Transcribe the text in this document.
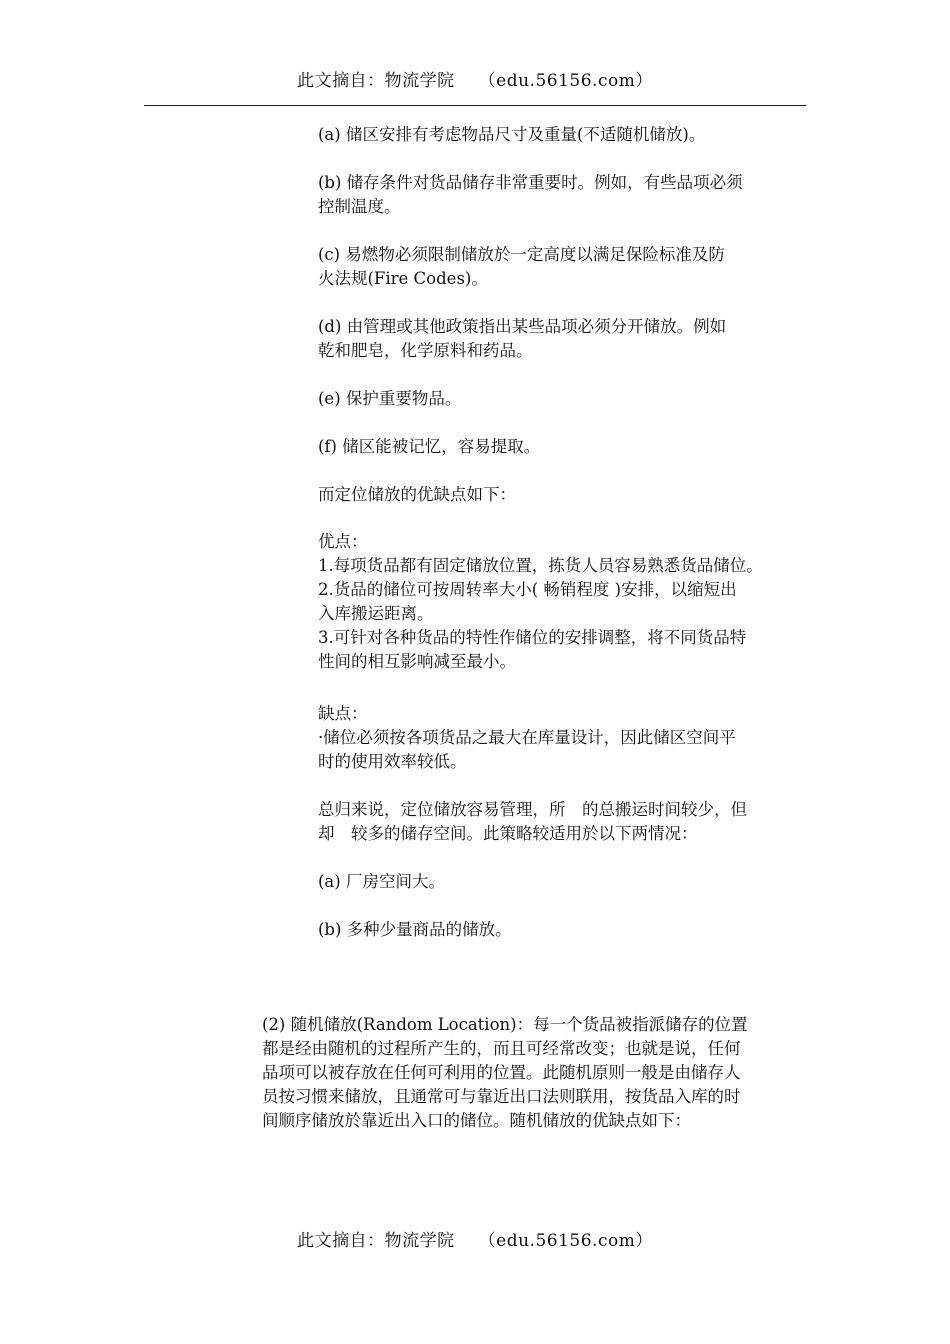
此文摘自：物流学院 （edu.56156.com）
(a) 储区安排有考虑物品尺寸及重量(不适随机储放)。
(b) 储存条件对货品储存非常重要时。例如，有些品项必须
控制温度。
(c) 易燃物必须限制储放於一定高度以满足保险标准及防
火法规(Fire Codes)。
(d) 由管理或其他政策指出某些品项必须分开储放。例如
乾和肥皂，化学原料和药品。
(e) 保护重要物品。
(f) 储区能被记忆，容易提取。
而定位储放的优缺点如下：
优点：
1.每项货品都有固定储放位置，拣货人员容易熟悉货品储位。
2.货品的储位可按周转率大小( 畅销程度 )安排，以缩短出
入库搬运距离。
3.可针对各种货品的特性作储位的安排调整，将不同货品特
性间的相互影响减至最小。
缺点：
·储位必须按各项货品之最大在库量设计，因此储区空间平
时的使用效率较低。
总归来说，定位储放容易管理，所　的总搬运时间较少，但
却　较多的储存空间。此策略较适用於以下两情况：
(a) 厂房空间大。
(b) 多种少量商品的储放。
(2) 随机储放(Random Location)：每一个货品被指派储存的位置
都是经由随机的过程所产生的，而且可经常改变；也就是说，任何
品项可以被存放在任何可利用的位置。此随机原则一般是由储存人
员按习惯来储放，且通常可与靠近出口法则联用，按货品入库的时
间顺序储放於靠近出入口的储位。随机储放的优缺点如下：
此文摘自：物流学院 （edu.56156.com）
